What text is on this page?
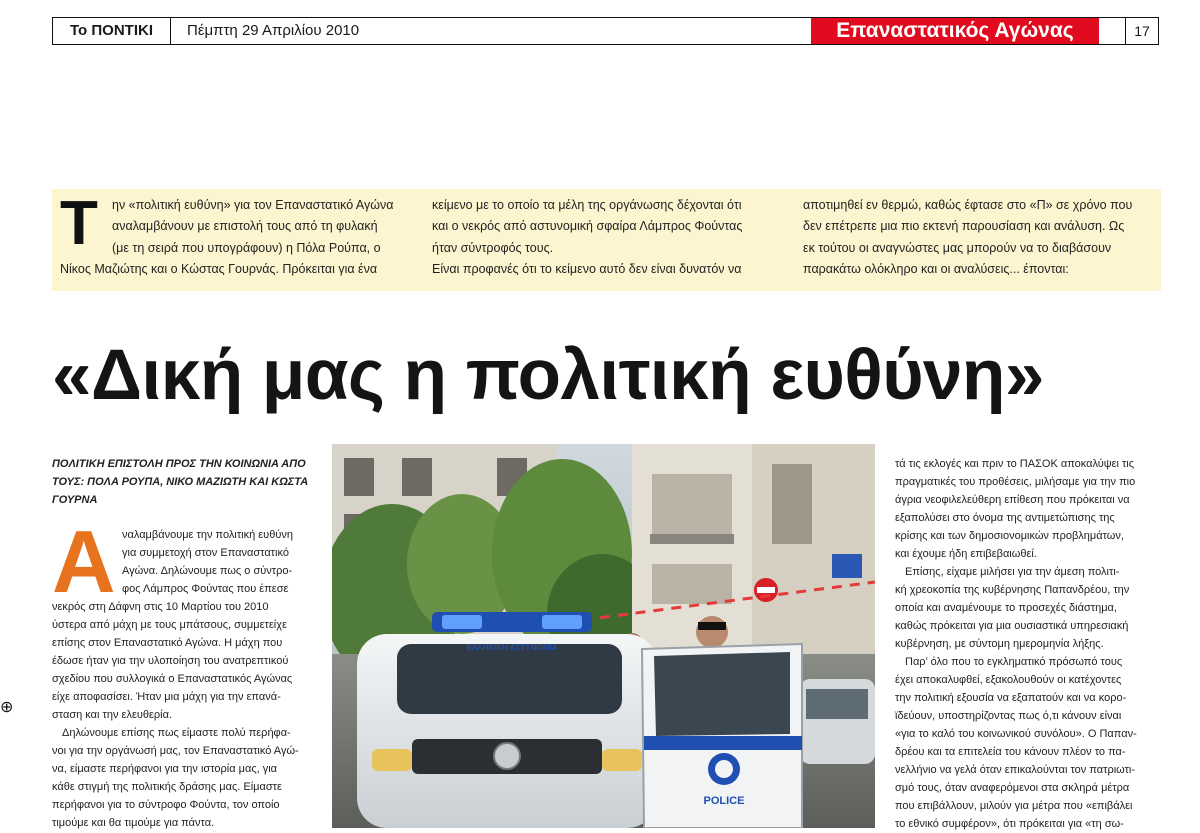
To ΠΟΝΤΙΚΙ	Πέμπτη 29 Απριλίου 2010	Επαναστατικός Αγώνας	17
Τ	ην «πολιτική ευθύνη» για τον Επαναστατικό Αγώνα
αναλαμβάνουν με επιστολή τους από τη φυλακή
(με τη σειρά που υπογράφουν) η Πόλα Ρούπα, ο
Νίκος Μαζιώτης και ο Κώστας Γουρνάς. Πρόκειται για ένα
κείμενο με το οποίο τα μέλη της οργάνωσης δέχονται ότι
και ο νεκρός από αστυνομική σφαίρα Λάμπρος Φούντας
ήταν σύντροφός τους.
Είναι προφανές ότι το κείμενο αυτό δεν είναι δυνατόν να
αποτιμηθεί εν θερμώ, καθώς έφτασε στο «Π» σε χρόνο που
δεν επέτρεπε μια πιο εκτενή παρουσίαση και ανάλυση. Ως
εκ τούτου οι αναγνώστες μας μπορούν να το διαβάσουν
παρακάτω ολόκληρο και οι αναλύσεις... έπονται:
«Δική μας η πολιτική ευθύνη»
ΠΟΛΙΤΙΚΗ ΕΠΙΣΤΟΛΗ ΠΡΟΣ ΤΗΝ ΚΟΙΝΩΝΙΑ ΑΠΟ
ΤΟΥΣ: ΠΟΛΑ ΡΟΥΠΑ, ΝΙΚΟ ΜΑΖΙΩΤΗ ΚΑΙ ΚΩΣΤΑ
ΓΟΥΡΝΑ
Α ναλαμβάνουμε την πολιτική ευθύνη
για συμμετοχή στον Επαναστατικό
Αγώνα. Δηλώνουμε πως ο σύντρο-
φος Λάμπρος Φούντας που έπεσε
νεκρός στη Δάφνη στις 10 Μαρτίου του 2010
ύστερα από μάχη με τους μπάτσους, συμμετείχε
επίσης στον Επαναστατικό Αγώνα. Η μάχη που
έδωσε ήταν για την υλοποίηση του ανατρεπτικού
σχεδίου που συλλογικά ο Επαναστατικός Αγώνας
είχε αποφασίσει. Ήταν μια μάχη για την επανά-
σταση και την ελευθερία.
Δηλώνουμε επίσης πως είμαστε πολύ περήφα-
νοι για την οργάνωσή μας, τον Επαναστατικό Αγώ-
να, είμαστε περήφανοι για την ιστορία μας, για
κάθε στιγμή της πολιτικής δράσης μας. Είμαστε
περήφανοι για το σύντροφο Φούντα, τον οποίο
τιμούμε και θα τιμούμε για πάντα.
ΕΛΛΗΝΙΚΗ ΑΣΤΥΝΟΜΙΑ
POLICE
τά τις εκλογές και πριν το ΠΑΣΟΚ αποκαλύψει τις
πραγματικές του προθέσεις, μιλήσαμε για την πιο
άγρια νεοφιλελεύθερη επίθεση που πρόκειται να
εξαπολύσει στο όνομα της αντιμετώπισης της
κρίσης και των δημοσιονομικών προβλημάτων,
και έχουμε ήδη επιβεβαιωθεί.
Επίσης, είχαμε μιλήσει για την άμεση πολιτι-
κή χρεοκοπία της κυβέρνησης Παπανδρέου, την
οποία και αναμένουμε το προσεχές διάστημα,
καθώς πρόκειται για μια ουσιαστικά υπηρεσιακή
κυβέρνηση, με σύντομη ημερομηνία λήξης.
Παρ’ όλο που το εγκληματικό πρόσωπό τους
έχει αποκαλυφθεί, εξακολουθούν οι κατέχοντες
την πολιτική εξουσία να εξαπατούν και να κορο-
ϊδεύουν, υποστηρίζοντας πως ό,τι κάνουν είναι
«για το καλό του κοινωνικού συνόλου». Ο Παπαν-
δρέου και τα επιτελεία του κάνουν πλέον το πα-
νελλήνιο να γελά όταν επικαλούνται τον πατριωτι-
σμό τους, όταν αναφερόμενοι στα σκληρά μέτρα
που επιβάλλουν, μιλούν για μέτρα που «επιβάλει
το εθνικό συμφέρον», ότι πρόκειται για «τη σω-
⊕
